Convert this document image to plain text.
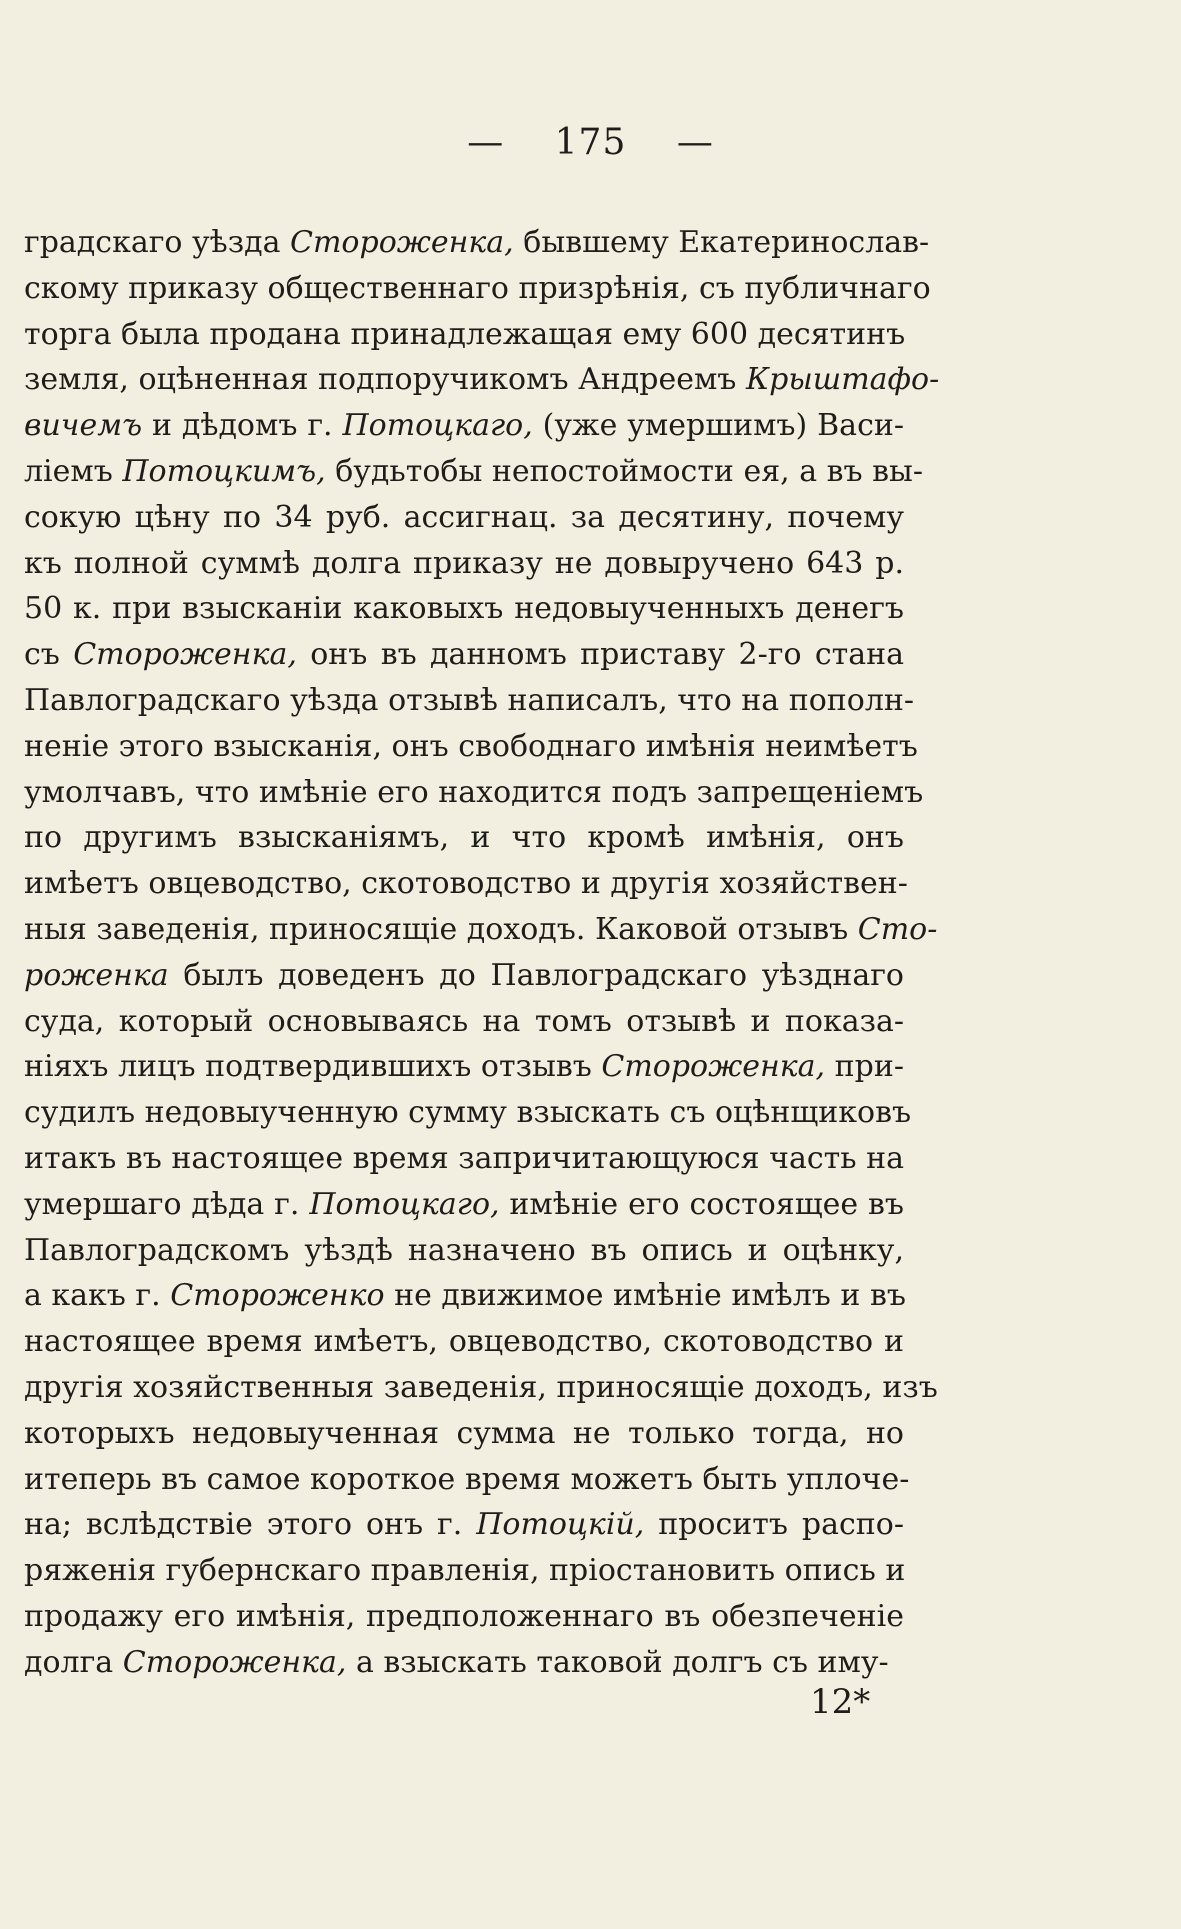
— 175 —
градскаго уѣзда Стороженка, бывшему Екатеринослав-
скому приказу общественнаго призрѣнія, съ публичнаго
торга была продана принадлежащая ему 600 десятинъ
земля, оцѣненная подпоручикомъ Андреемъ Крыштафо-
вичемъ и дѣдомъ г. Потоцкаго, (уже умершимъ) Васи-
ліемъ Потоцкимъ, будьтобы непостоймости ея, а въ вы-
сокую цѣну по 34 руб. ассигнац. за десятину, почему
къ полной суммѣ долга приказу не довыручено 643 р.
50 к. при взысканіи каковыхъ недовыученныхъ денегъ
съ Стороженка, онъ въ данномъ приставу 2-го стана
Павлоградскаго уѣзда отзывѣ написалъ, что на пополн-
неніе этого взысканія, онъ свободнаго имѣнія неимѣетъ
умолчавъ, что имѣніе его находится подъ запрещеніемъ
по другимъ взысканіямъ, и что кромѣ имѣнія, онъ
имѣетъ овцеводство, скотоводство и другія хозяйствен-
ныя заведенія, приносящіе доходъ. Каковой отзывъ Сто-
роженка былъ доведенъ до Павлоградскаго уѣзднаго
суда, который основываясь на томъ отзывѣ и показа-
ніяхъ лицъ подтвердившихъ отзывъ Стороженка, при-
судилъ недовыученную сумму взыскать съ оцѣнщиковъ
итакъ въ настоящее время запричитающуюся часть на
умершаго дѣда г. Потоцкаго, имѣніе его состоящее въ
Павлоградскомъ уѣздѣ назначено въ опись и оцѣнку,
а какъ г. Стороженко не движимое имѣніе имѣлъ и въ
настоящее время имѣетъ, овцеводство, скотоводство и
другія хозяйственныя заведенія, приносящіе доходъ, изъ
которыхъ недовыученная сумма не только тогда, но
итеперь въ самое короткое время можетъ быть уплоче-
на; вслѣдствіе этого онъ г. Потоцкій, проситъ распо-
ряженія губернскаго правленія, пріостановить опись и
продажу его имѣнія, предположеннаго въ обезпеченіе
долга Стороженка, а взыскать таковой долгъ съ иму-
12*
